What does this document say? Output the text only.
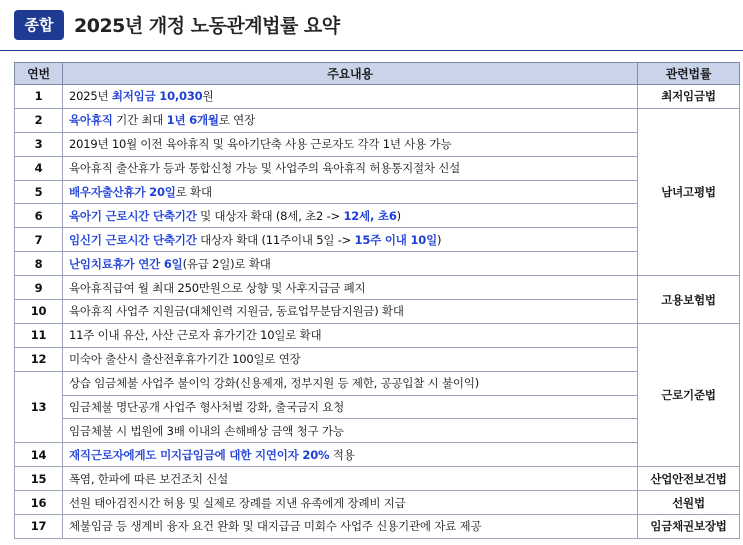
종합	2025년 개정 노동관계법률 요약
연번	주요내용	관련법률
1	2025년 최저임금 10,030원	최저임금법
2	육아휴직 기간 최대 1년 6개월로 연장	남녀고평법
3	2019년 10월 이전 육아휴직 및 육아기단축 사용 근로자도 각각 1년 사용 가능	
4	육아휴직 출산휴가 등과 통합신청 가능 및 사업주의 육아휴직 허용통지절차 신설	
5	배우자출산휴가 20일로 확대	
6	육아기 근로시간 단축기간 및 대상자 확대 (8세, 초2 -> 12세, 초6)	
7	임신기 근로시간 단축기간 대상자 확대 (11주이내 5일 -> 15주 이내 10일)	
8	난임치료휴가 연간 6일(유급 2일)로 확대	
9	육아휴직급여 월 최대 250만원으로 상향 및 사후지급금 폐지	고용보험법
10	육아휴직 사업주 지원금(대체인력 지원금, 동료업무분담지원금) 확대	
11	11주 이내 유산, 사산 근로자 휴가기간 10일로 확대	근로기준법
12	미숙아 출산시 출산전후휴가기간 100일로 연장	
13	상습 임금체불 사업주 불이익 강화(신용제재, 정부지원 등 제한, 공공입찰 시 불이익)	
	임금체불 명단공개 사업주 형사처벌 강화, 출국금지 요청	
	임금체불 시 법원에 3배 이내의 손해배상 금액 청구 가능	
14	재직근로자에게도 미지급임금에 대한 지연이자 20% 적용	
15	폭염, 한파에 따른 보건조치 신설	산업안전보건법
16	선원 태아검진시간 허용 및 실제로 장례를 지낸 유족에게 장례비 지급	선원법
17	체불임금 등 생계비 융자 요건 완화 및 대지급금 미회수 사업주 신용기관에 자료 제공	임금채권보장법
